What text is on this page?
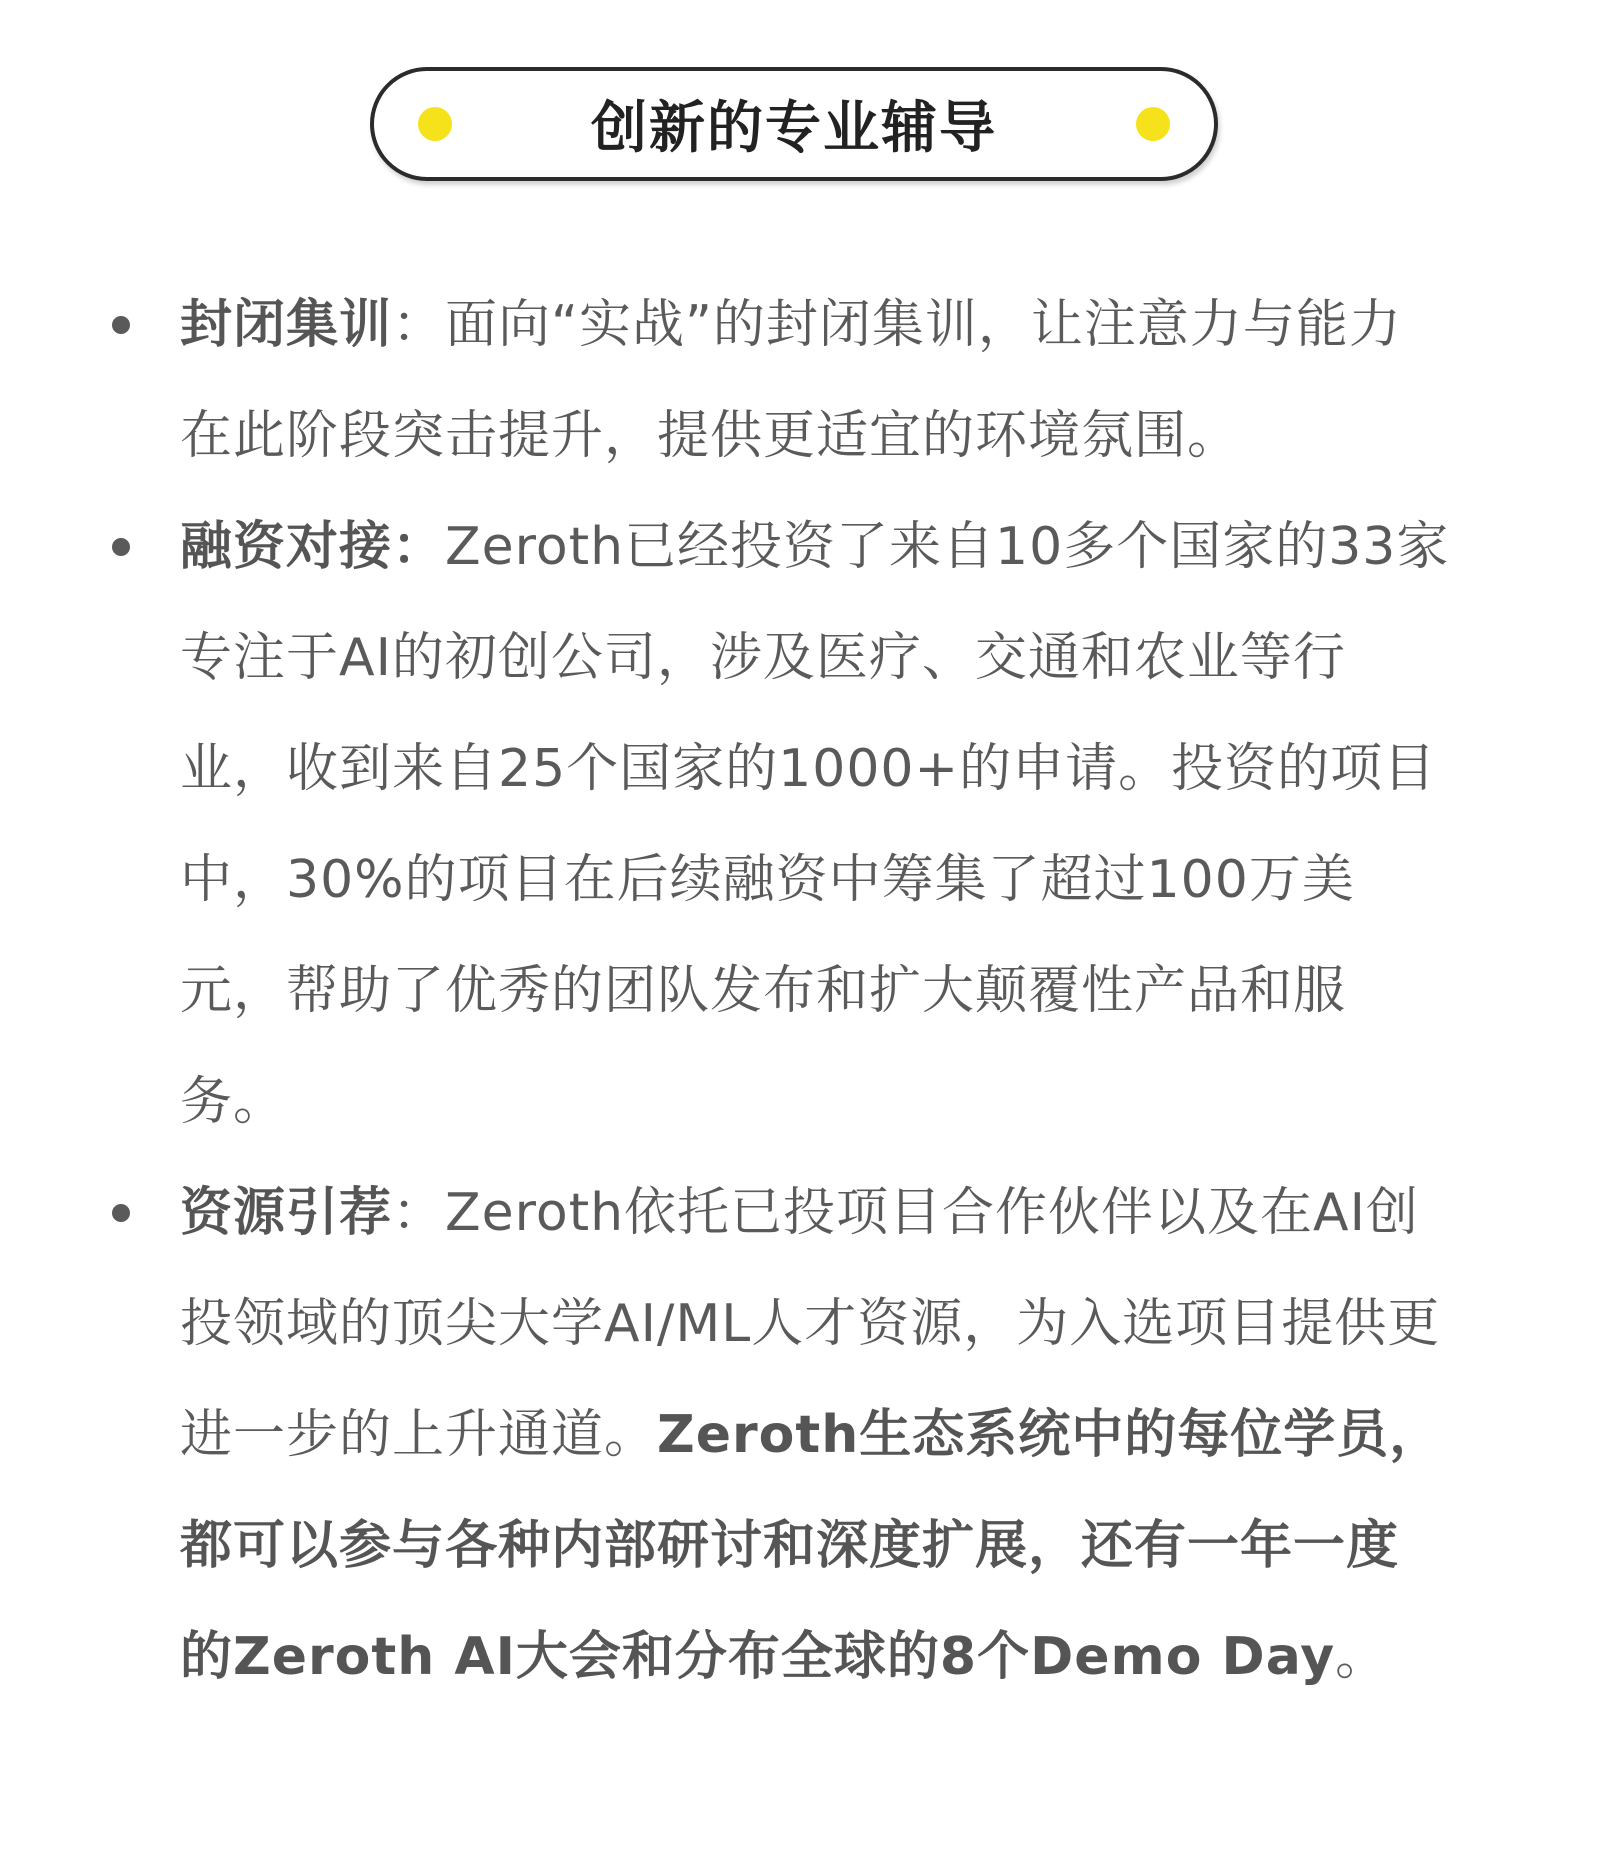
创新的专业辅导

封闭集训：面向“实战”的封闭集训，让注意力与能力在此阶段突击提升，提供更适宜的环境氛围。

融资对接：Zeroth已经投资了来自10多个国家的33家专注于AI的初创公司，涉及医疗、交通和农业等行业，收到来自25个国家的1000+的申请。投资的项目中，30%的项目在后续融资中筹集了超过100万美元，帮助了优秀的团队发布和扩大颠覆性产品和服务。

资源引荐：Zeroth依托已投项目合作伙伴以及在AI创投领域的顶尖大学AI/ML人才资源，为入选项目提供更进一步的上升通道。Zeroth生态系统中的每位学员，都可以参与各种内部研讨和深度扩展，还有一年一度的Zeroth AI大会和分布全球的8个Demo Day。
